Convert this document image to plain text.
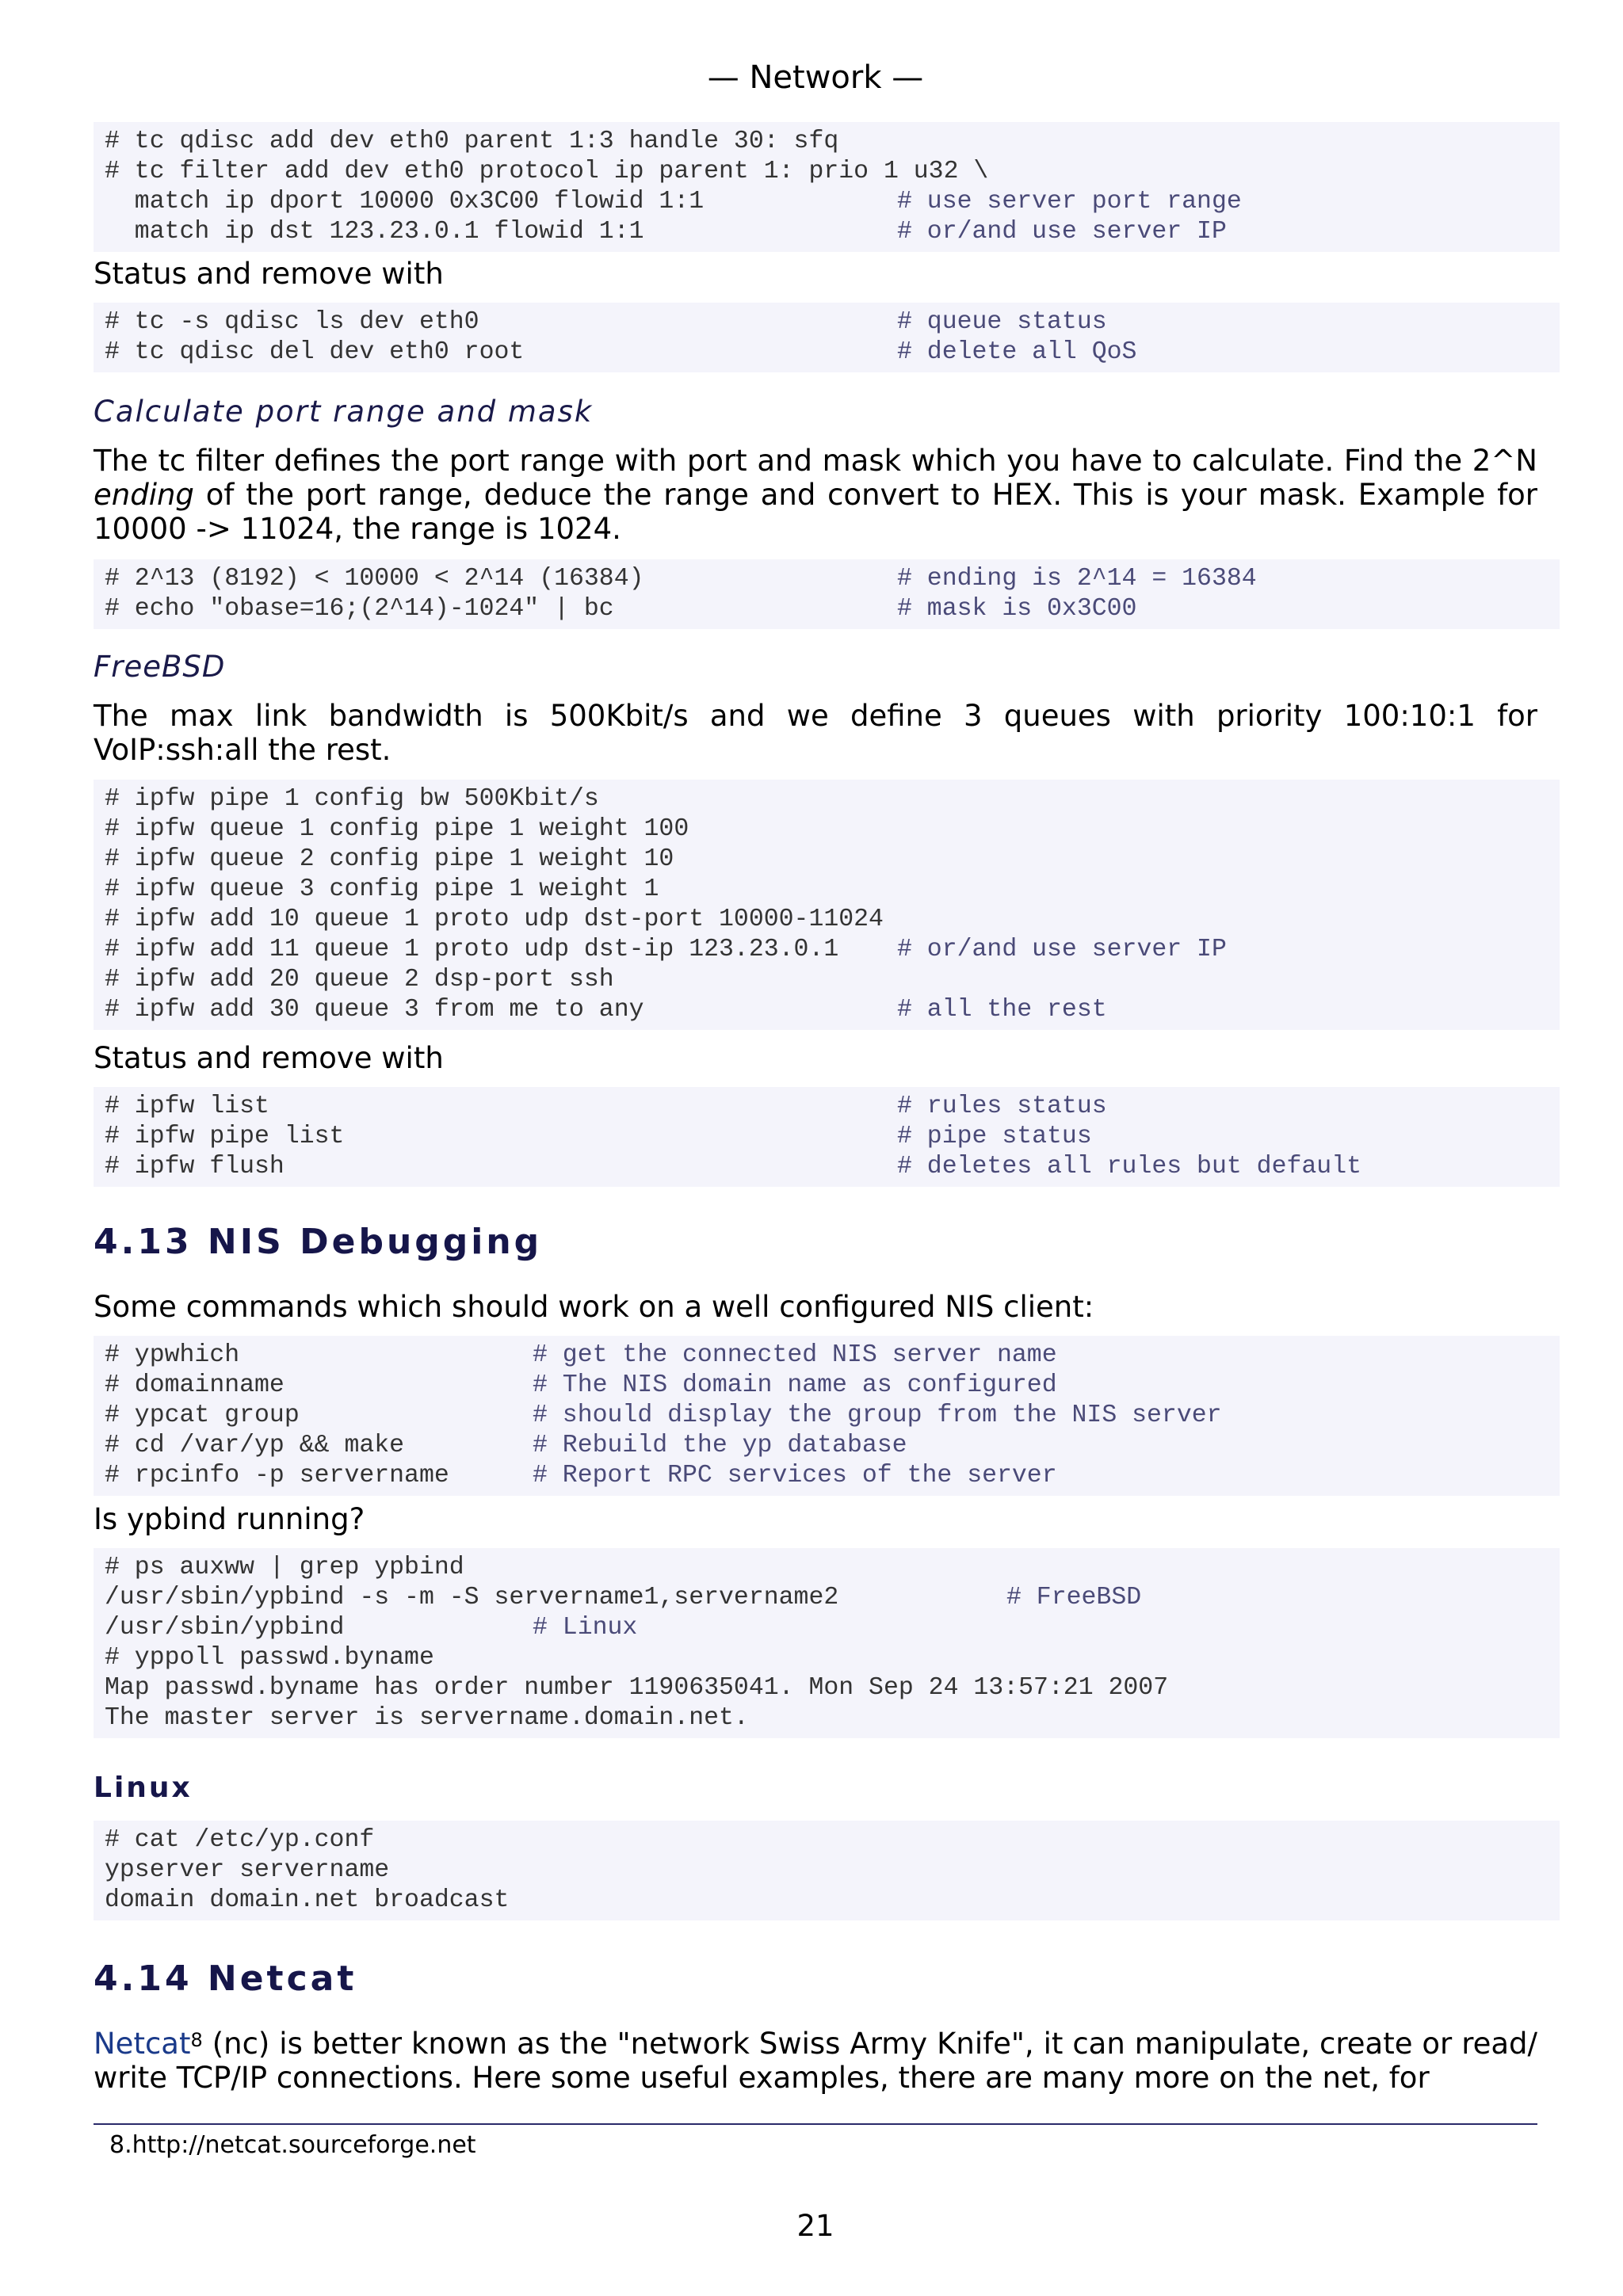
— Network —
# tc qdisc add dev eth0 parent 1:3 handle 30: sfq
# tc filter add dev eth0 protocol ip parent 1: prio 1 u32 \
match ip dport 10000 0x3C00 flowid 1:1	# use server port range
match ip dst 123.23.0.1 flowid 1:1	# or/and use server IP
Status and remove with
# tc -s qdisc ls dev eth0	# queue status
# tc qdisc del dev eth0 root	# delete all QoS
Calculate port range and mask
The tc filter defines the port range with port and mask which you have to calculate. Find the 2^N ending of the port range, deduce the range and convert to HEX. This is your mask. Example for 10000 -> 11024, the range is 1024.
# 2^13 (8192) < 10000 < 2^14 (16384)	# ending is 2^14 = 16384
# echo "obase=16;(2^14)-1024" | bc	# mask is 0x3C00
FreeBSD
The max link bandwidth is 500Kbit/s and we define 3 queues with priority 100:10:1 for VoIP:ssh:all the rest.
# ipfw pipe 1 config bw 500Kbit/s
# ipfw queue 1 config pipe 1 weight 100
# ipfw queue 2 config pipe 1 weight 10
# ipfw queue 3 config pipe 1 weight 1
# ipfw add 10 queue 1 proto udp dst-port 10000-11024
# ipfw add 11 queue 1 proto udp dst-ip 123.23.0.1 # or/and use server IP
# ipfw add 20 queue 2 dsp-port ssh
# ipfw add 30 queue 3 from me to any	# all the rest
Status and remove with
# ipfw list	# rules status
# ipfw pipe list	# pipe status
# ipfw flush	# deletes all rules but default
4.13 NIS Debugging
Some commands which should work on a well configured NIS client:
# ypwhich	# get the connected NIS server name
# domainname	# The NIS domain name as configured
# ypcat group	# should display the group from the NIS server
# cd /var/yp && make	# Rebuild the yp database
# rpcinfo -p servername	# Report RPC services of the server
Is ypbind running?
# ps auxww | grep ypbind
/usr/sbin/ypbind -s -m -S servername1,servername2	# FreeBSD
/usr/sbin/ypbind	# Linux
# yppoll passwd.byname
Map passwd.byname has order number 1190635041. Mon Sep 24 13:57:21 2007
The master server is servername.domain.net.
Linux
# cat /etc/yp.conf
ypserver servername
domain domain.net broadcast
4.14 Netcat
Netcat$^8$ (nc) is better known as the "network Swiss Army Knife", it can manipulate, create or read/ write TCP/IP connections. Here some useful examples, there are many more on the net, for
8.http://netcat.sourceforge.net
21
